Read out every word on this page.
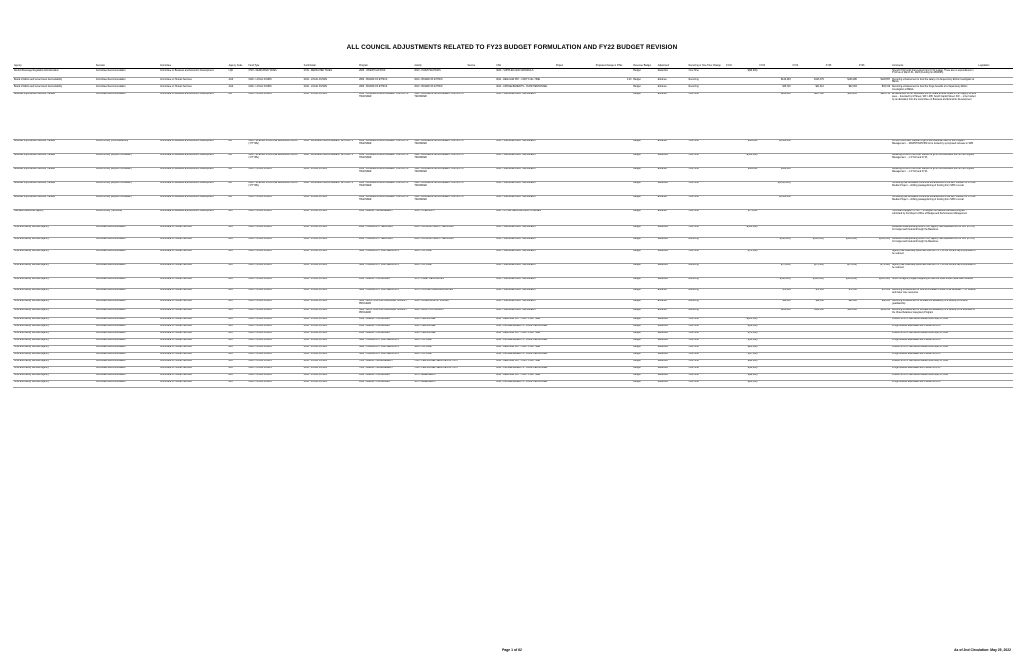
ALL COUNCIL ADJUSTMENTS RELATED TO FY23 BUDGET FORMULATION AND FY22 BUDGET REVISION
Agency	Scenario	Committee	Agency Code	Fund Type	Fund Detail	Program	Activity	Service	CSG	Project	Proposed change in FTEs	Revenue/ Budget	Adjustment	Recurring or One-Time Change	FY22	FY23	FY24	FY25	FY26	Comments	Legislation
Alcohol Beverage Regulation Administration	Committee Recommendation	Committee on Business and Economic Development	LQ0	0720 - DEDICATED TAXES	0720 - DEDICATED TAXES	2000 - INVESTIGATIONS	2010 - INVESTIGATIONS		0040 - SUPPLIES AND MATERIALS			Budget	Reduction	One-Time	$(90,000)					Spend FY22 funds that expired from FY21 budget. There are no expenditures in FY22 as of March 31, 2022 (Funding for 2800005)	
Board of Ethics and Government Accountability	Committee Recommendation	Committee on Human Services	AG0	0100 - LOCAL FUNDS	0100 - LOCAL FUNDS	2000 - BOARD OF ETHICS	2010 - BOARD OF ETHICS		0011 - REGULAR PAY - CONT FULL TIME		1.00	Budget	Enhance	Recurring		$120,283	$123,379	$126,280	$128,857	Recurring enhancement to fund the salary of a Supervisory Ethics Investigator at BEGA.	
Board of Ethics and Government Accountability	Committee Recommendation	Committee on Human Services	AG0	0100 - LOCAL FUNDS	0100 - LOCAL FUNDS	2000 - BOARD OF ETHICS	2010 - BOARD OF ETHICS		0014 - FRINGE BENEFITS - CURR PERSONNEL			Budget	Enhance	Recurring		$30,720	$31,614	$32,464	$33,310	Recurring enhancement to fund the fringe benefits of a Supervisory Ethics Investigator at BEGA.	
Business Improvement Districts Transfer	Committee Recommendation	Committee on Business and Economic Development	BI0	0100 - LOCAL FUNDS	0100 - LOCAL FUNDS	1000 - BUSINESS IMPROVEMENT DISTRICTS TRANSFER	1100 - BUSINESS IMPROVEMENT DISTRICTS TRANSFER		0050 - SUBSIDIES AND TRANSFERS			Budget	Enhance	One-Time		$200,000	$207,000	$214,245	$221,743	Enhancement to the Southwest BID to create a public space in the roughly 10 acre area ... bounded by M Street, SW; I-395; South Capitol Street, SW ... to be funded by an allocation from the Committee on Business and Economic Development.	
Business Improvement Districts Transfer	Council Policy (Cost Reduction)	Committee on Business and Economic Development	BI0	0600 - SPECIAL PURPOSE REVENUE FUNDS ('O'TYPE)	0600 - BUSINESS IMPROVEMENT DISTRICTS	1000 - BUSINESS IMPROVEMENT DISTRICTS TRANSFER	1100 - BUSINESS IMPROVEMENT DISTRICTS TRANSFER		0050 - SUBSIDIES AND TRANSFERS			Budget	Enhance	One-Time	$500,000	$1,000,000				DOWNTOWN BID: transfer to go to the Downtown BID for the Program Management ... DOWNTOWN BID to be funded by a proposed increase in SPR	
Business Improvement Districts Transfer	Council Policy (Beyond Circulation)	Committee on Business and Economic Development	BI0	0600 - SPECIAL PURPOSE REVENUE FUNDS ('O'TYPE)	0600 - BUSINESS IMPROVEMENT DISTRICTS	1000 - BUSINESS IMPROVEMENT DISTRICTS TRANSFER	1100 - BUSINESS IMPROVEMENT DISTRICTS TRANSFER		0050 - SUBSIDIES AND TRANSFERS			Budget	Reduction	One-Time	$(500,000)					Reducing DOWNTOWN BID transfer to go to the Downtown BID for the Program Management ... in FY22 and FY23	
Business Improvement Districts Transfer	Council Policy (Beyond Circulation)	Committee on Business and Economic Development	BI0	0100 - LOCAL FUNDS	0100 - LOCAL FUNDS	1000 - BUSINESS IMPROVEMENT DISTRICTS TRANSFER	1100 - BUSINESS IMPROVEMENT DISTRICTS TRANSFER		0050 - SUBSIDIES AND TRANSFERS			Budget	Enhance	One-Time	$500,000	$500,000				Reducing DOWNTOWN BID transfer to go to the Downtown BID for the Program Management ... in FY22 and FY23	
Business Improvement Districts Transfer	Council Policy (Beyond Circulation)	Committee on Business and Economic Development	BI0	0600 - SPECIAL PURPOSE REVENUE FUNDS ('O'TYPE)	0600 - BUSINESS IMPROVEMENT DISTRICTS	1000 - BUSINESS IMPROVEMENT DISTRICTS TRANSFER	1100 - BUSINESS IMPROVEMENT DISTRICTS TRANSFER		0050 - SUBSIDIES AND TRANSFERS			Budget	Reduction	One-Time		$(1,000,000)				Correcting that circulation's one-time enhancement to the BID Transfer for NY Ave Median Project -- shifting passage/timing of funding from SPR to Local	
Business Improvement Districts Transfer	Council Policy (Beyond Circulation)	Committee on Business and Economic Development	BI0	0100 - LOCAL FUNDS	0100 - LOCAL FUNDS	1000 - BUSINESS IMPROVEMENT DISTRICTS TRANSFER	1100 - BUSINESS IMPROVEMENT DISTRICTS TRANSFER		0050 - SUBSIDIES AND TRANSFERS			Budget	Enhance	One-Time		$1,000,000				Correcting that circulation's one-time enhancement to the BID Transfer for NY Ave Median Project -- shifting passage/timing of funding from SPR to Local	
Cannabis Resources Agency	Council Policy (Technical)	Committee on Business and Economic Development	BL0	0100 - LOCAL FUNDS	0100 - LOCAL FUNDS	1000 - AGENCY MANAGEMENT	1010 - OVERSIGHT		0041 - OTHER SERVICES AND CHARGES			Budget	Enhance	One-Time	$770,000					Technical changes in FY22 ... to support the Medical Cannabis program ... submitted by the Mayor's Office of Budget and Performance Management	
Child and Family Services Agency	Committee Recommendation	Committee on Human Services	RL0	0100 - LOCAL FUNDS	0100 - LOCAL FUNDS	2000 - COMMUNITY SERVICES	2030 - CLINICAL HEALTH SERVICES		0050 - SUBSIDIES AND TRANSFERS			Budget	Reduction	One-Time	$(300,000)					Reflected underspending since FY22, agency has requested shift of CFP (FYDS) for budget and Federal through the Baselines	
Child and Family Services Agency	Committee Recommendation	Committee on Human Services	RL0	0100 - LOCAL FUNDS	0100 - LOCAL FUNDS	2000 - COMMUNITY SERVICES	2030 - CLINICAL HEALTH SERVICES		0050 - SUBSIDIES AND TRANSFERS			Budget	Reduction	Recurring		$(500,000)	$(500,000)	$(500,000)	$(500,000)	Reflected underspending since FY22, agency has requested shift of CFP (FYDS) for budget and Federal through the Baselines	
Child and Family Services Agency	Committee Recommendation	Committee on Human Services	RL0	0100 - LOCAL FUNDS	0100 - LOCAL FUNDS	3000 - COMMUNITY PARTNERSHIPS	3030 - IN-HOME		0050 - SUBSIDIES AND TRANSFERS			Budget	Reduction	One-Time	$(75,000)					Agency has historically spent less than $X in FY, so the current cap is proposed to be reduced	
Child and Family Services Agency	Committee Recommendation	Committee on Human Services	RL0	0100 - LOCAL FUNDS	0100 - LOCAL FUNDS	3000 - COMMUNITY PARTNERSHIPS	3030 - IN-HOME		0050 - SUBSIDIES AND TRANSFERS			Budget	Reduction	Recurring		$(75,000)	$(76,500)	$(78,030)	$(79,591)	Agency has historically spent less than $X in FY, so the current cap is proposed to be reduced	
Child and Family Services Agency	Committee Recommendation	Committee on Human Services	RL0	0100 - LOCAL FUNDS	0100 - LOCAL FUNDS	1000 - AGENCY PROGRAMS	1070 - FLEET RESOURCES		0050 - SUBSIDIES AND TRANSFERS			Budget	Reduction	Recurring		$(100,000)	$(102,000)	$(104,040)	$(106,121)	Since the agency began budgeting its fleet the costs shown have been reduced	
Child and Family Services Agency	Committee Recommendation	Committee on Human Services	RL0	0100 - LOCAL FUNDS	0100 - LOCAL FUNDS	3000 - COMMUNITY PARTNERSHIPS	3070 - FOSTER CARE RESOURCES		0050 - SUBSIDIES AND TRANSFERS			Budget	Enhance	Recurring		$72,000	$72,000	$72,000	$72,000	Recurring enhancement to fund an increase to foster child subsidies ... for inflation and foster care resources	
Child and Family Services Agency	Committee Recommendation	Committee on Human Services	RL0	0100 - LOCAL FUNDS	0100 - LOCAL FUNDS	3000 - ADOPTION AND GUARDIAN SUBSIDY PROGRAM	3010 - GUARDIANSHIP SUBSIDY		0050 - SUBSIDIES AND TRANSFERS			Budget	Enhance	Recurring		$92,000	$92,000	$92,000	$92,000	Recurring enhancement to increase the availability of a subsidy for kinship guardianship	
Child and Family Services Agency	Committee Recommendation	Committee on Human Services	RL0	0100 - LOCAL FUNDS	0100 - LOCAL FUNDS	3000 - ADOPTION AND GUARDIAN SUBSIDY PROGRAM	3020 - ADOPTION SUBSIDY		0050 - SUBSIDIES AND TRANSFERS			Budget	Enhance	Recurring		$100,000	$102,000	$104,040	$106,121	Recurring enhancement to increase the availability of a subsidy to be extended to the Close Relatives Caregivers Program	
Child and Family Services Agency	Committee Recommendation	Committee on Human Services	RL0	0100 - LOCAL FUNDS	0100 - LOCAL FUNDS	1000 - AGENCY PROGRAMS	1010 - PERSONNEL		0011 - REGULAR PAY - CONT FULL TIME			Budget	Reduction	One-Time	$(281,000)					Position #XXXX has carried vacant since May 31, 2021	
Child and Family Services Agency	Committee Recommendation	Committee on Human Services	RL0	0100 - LOCAL FUNDS	0100 - LOCAL FUNDS	1000 - AGENCY PROGRAMS	1010 - PERSONNEL		0014 - FRINGE BENEFITS - CURR PERSONNEL			Budget	Reduction	One-Time	$(58,000)					Fringe benefits associated with Position #XXXX	
Child and Family Services Agency	Committee Recommendation	Committee on Human Services	RL0	0100 - LOCAL FUNDS	0100 - LOCAL FUNDS	1000 - AGENCY PROGRAMS	1010 - PERSONNEL		0011 - REGULAR PAY - CONT FULL TIME			Budget	Reduction	One-Time	$(75,000)					Position #XXXX has carried vacant since May 31, 2021	
Child and Family Services Agency	Committee Recommendation	Committee on Human Services	RL0	0100 - LOCAL FUNDS	0100 - LOCAL FUNDS	3000 - COMMUNITY PARTNERSHIPS	3030 - IN-HOME		0014 - FRINGE BENEFITS - CURR PERSONNEL			Budget	Reduction	One-Time	$(15,000)					Fringe benefits associated with Position #XXXX	
Child and Family Services Agency	Committee Recommendation	Committee on Human Services	RL0	0100 - LOCAL FUNDS	0100 - LOCAL FUNDS	3000 - COMMUNITY PARTNERSHIPS	3030 - IN-HOME		0011 - REGULAR PAY - CONT FULL TIME			Budget	Reduction	One-Time	$(85,000)					Position #XXXX has carried vacant since May 31, 2021	
Child and Family Services Agency	Committee Recommendation	Committee on Human Services	RL0	0100 - LOCAL FUNDS	0100 - LOCAL FUNDS	3000 - COMMUNITY PARTNERSHIPS	3030 - IN-HOME		0014 - FRINGE BENEFITS - CURR PERSONNEL			Budget	Reduction	One-Time	$(17,000)					Fringe benefits associated with Position #XXXX	
Child and Family Services Agency	Committee Recommendation	Committee on Human Services	RL0	0100 - LOCAL FUNDS	0100 - LOCAL FUNDS	7000 - AGENCY MANAGEMENT	7010 - PERSONNEL SERVICES ACTIVITY		0011 - REGULAR PAY - CONT FULL TIME			Budget	Reduction	One-Time	$(90,000)					Position #XXXX has carried vacant since May 31, 2021	
Child and Family Services Agency	Committee Recommendation	Committee on Human Services	RL0	0100 - LOCAL FUNDS	0100 - LOCAL FUNDS	7000 - AGENCY MANAGEMENT	7010 - PERSONNEL SERVICES ACTIVITY		0014 - FRINGE BENEFITS - CURR PERSONNEL			Budget	Reduction	One-Time	$(18,000)					Fringe benefits associated with Position #XXXX	
Child and Family Services Agency	Committee Recommendation	Committee on Human Services	RL0	0100 - LOCAL FUNDS	0100 - LOCAL FUNDS	1000 - AGENCY PROGRAMS	1070 - EMERGENCY		0011 - REGULAR PAY - CONT FULL TIME			Budget	Reduction	One-Time	$(98,000)					Position #XXXX has carried vacant since May 31, 2021	
Child and Family Services Agency	Committee Recommendation	Committee on Human Services	RL0	0100 - LOCAL FUNDS	0100 - LOCAL FUNDS	1000 - AGENCY PROGRAMS	1070 - EMERGENCY		0014 - FRINGE BENEFITS - CURR PERSONNEL			Budget	Reduction	One-Time	$(20,000)					Fringe benefits associated with Position #XXXX	
Page 1 of 62	As of 2nd Circulation: May 25, 2022
